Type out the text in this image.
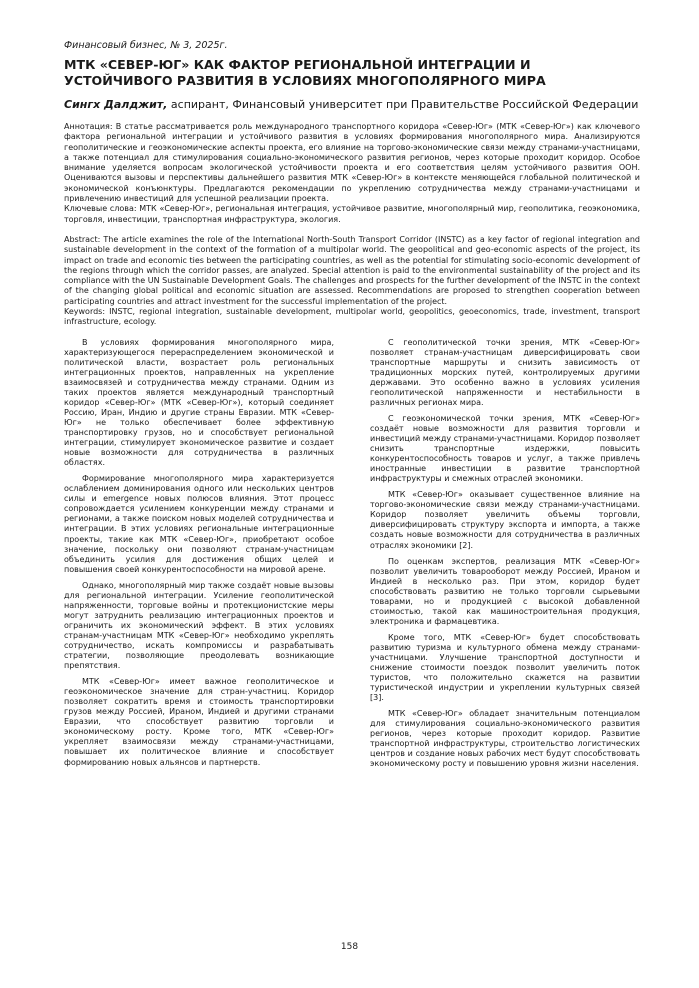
Финансовый бизнес, № 3, 2025г.

МТК «СЕВЕР-ЮГ» КАК ФАКТОР РЕГИОНАЛЬНОЙ ИНТЕГРАЦИИ И УСТОЙЧИВОГО РАЗВИТИЯ В УСЛОВИЯХ МНОГОПОЛЯРНОГО МИРА

Сингх Далджит, аспирант, Финансовый университет при Правительстве Российской Федерации

Аннотация: В статье рассматривается роль международного транспортного коридора «Север-Юг» (МТК «Север-Юг») как ключевого фактора региональной интеграции и устойчивого развития в условиях формирования многополярного мира. Анализируются геополитические и геоэкономические аспекты проекта, его влияние на торгово-экономические связи между странами-участницами, а также потенциал для стимулирования социально-экономического развития регионов, через которые проходит коридор. Особое внимание уделяется вопросам экологической устойчивости проекта и его соответствия целям устойчивого развития ООН. Оцениваются вызовы и перспективы дальнейшего развития МТК «Север-Юг» в контексте меняющейся глобальной политической и экономической конъюнктуры. Предлагаются рекомендации по укреплению сотрудничества между странами-участницами и привлечению инвестиций для успешной реализации проекта.

Ключевые слова: МТК «Север-Юг», региональная интеграция, устойчивое развитие, многополярный мир, геополитика, геоэкономика, торговля, инвестиции, транспортная инфраструктура, экология.

Abstract: The article examines the role of the International North-South Transport Corridor (INSTC) as a key factor of regional integration and sustainable development in the context of the formation of a multipolar world. The geopolitical and geo-economic aspects of the project, its impact on trade and economic ties between the participating countries, as well as the potential for stimulating socio-economic development of the regions through which the corridor passes, are analyzed. Special attention is paid to the environmental sustainability of the project and its compliance with the UN Sustainable Development Goals. The challenges and prospects for the further development of the INSTC in the context of the changing global political and economic situation are assessed. Recommendations are proposed to strengthen cooperation between participating countries and attract investment for the successful implementation of the project.

Keywords: INSTC, regional integration, sustainable development, multipolar world, geopolitics, geoeconomics, trade, investment, transport infrastructure, ecology.

В условиях формирования многополярного мира, характеризующегося перераспределением экономической и политической власти, возрастает роль региональных интеграционных проектов, направленных на укрепление взаимосвязей и сотрудничества между странами. Одним из таких проектов является международный транспортный коридор «Север-Юг» (МТК «Север-Юг»), который соединяет Россию, Иран, Индию и другие страны Евразии. МТК «Север-Юг» не только обеспечивает более эффективную транспортировку грузов, но и способствует региональной интеграции, стимулирует экономическое развитие и создает новые возможности для сотрудничества в различных областях.

Формирование многополярного мира характеризуется ослаблением доминирования одного или нескольких центров силы и emergence новых полюсов влияния. Этот процесс сопровождается усилением конкуренции между странами и регионами, а также поиском новых моделей сотрудничества и интеграции. В этих условиях региональные интеграционные проекты, такие как МТК «Север-Юг», приобретают особое значение, поскольку они позволяют странам-участницам объединить усилия для достижения общих целей и повышения своей конкурентоспособности на мировой арене.

Однако, многополярный мир также создаёт новые вызовы для региональной интеграции. Усиление геополитической напряженности, торговые войны и протекционистские меры могут затруднить реализацию интеграционных проектов и ограничить их экономический эффект. В этих условиях странам-участницам МТК «Север-Юг» необходимо укреплять сотрудничество, искать компромиссы и разрабатывать стратегии, позволяющие преодолевать возникающие препятствия.

МТК «Север-Юг» имеет важное геополитическое и геоэкономическое значение для стран-участниц. Коридор позволяет сократить время и стоимость транспортировки грузов между Россией, Ираном, Индией и другими странами Евразии, что способствует развитию торговли и экономическому росту. Кроме того, МТК «Север-Юг» укрепляет взаимосвязи между странами-участницами, повышает их политическое влияние и способствует формированию новых альянсов и партнерств.

С геополитической точки зрения, МТК «Север-Юг» позволяет странам-участницам диверсифицировать свои транспортные маршруты и снизить зависимость от традиционных морских путей, контролируемых другими державами. Это особенно важно в условиях усиления геополитической напряженности и нестабильности в различных регионах мира.

С геоэкономической точки зрения, МТК «Север-Юг» создаёт новые возможности для развития торговли и инвестиций между странами-участницами. Коридор позволяет снизить транспортные издержки, повысить конкурентоспособность товаров и услуг, а также привлечь иностранные инвестиции в развитие транспортной инфраструктуры и смежных отраслей экономики.

МТК «Север-Юг» оказывает существенное влияние на торгово-экономические связи между странами-участницами. Коридор позволяет увеличить объемы торговли, диверсифицировать структуру экспорта и импорта, а также создать новые возможности для сотрудничества в различных отраслях экономики [2].

По оценкам экспертов, реализация МТК «Север-Юг» позволит увеличить товарооборот между Россией, Ираном и Индией в несколько раз. При этом, коридор будет способствовать развитию не только торговли сырьевыми товарами, но и продукцией с высокой добавленной стоимостью, такой как машиностроительная продукция, электроника и фармацевтика.

Кроме того, МТК «Север-Юг» будет способствовать развитию туризма и культурного обмена между странами-участницами. Улучшение транспортной доступности и снижение стоимости поездок позволит увеличить поток туристов, что положительно скажется на развитии туристической индустрии и укреплении культурных связей [3].

МТК «Север-Юг» обладает значительным потенциалом для стимулирования социально-экономического развития регионов, через которые проходит коридор. Развитие транспортной инфраструктуры, строительство логистических центров и создание новых рабочих мест будут способствовать экономическому росту и повышению уровня жизни населения.

158
